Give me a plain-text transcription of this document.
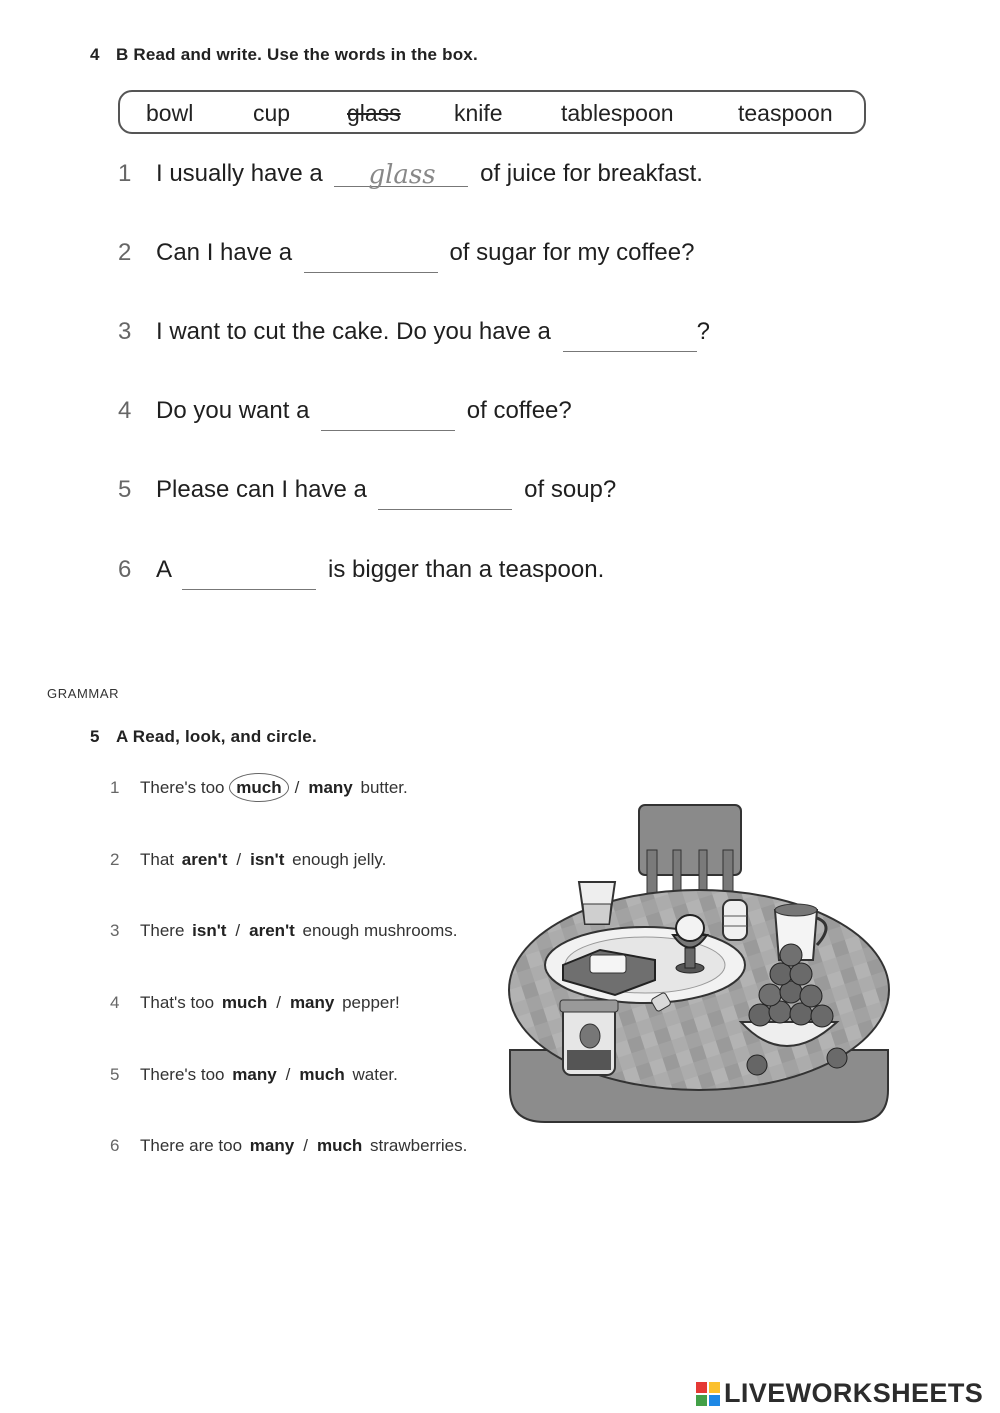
4 B Read and write. Use the words in the box.
bowl	cup glass knife	tablespoon	teaspoon
1 I usually have a glass of juice for breakfast.
2 Can I have a	of sugar for my coffee?
3 I want to cut the cake. Do you have a	?
4 Do you want a	of coffee?
5 Please can I have a	of soup?
6 A	is bigger than a teaspoon.
GRAMMAR
5 A Read, look, and circle.
1 There's too much / many butter.
2 That aren't / isn't enough jelly.
3 There isn't / aren't enough mushrooms.
4 That's too much / many pepper!
5 There's too many / much water.
6 There are too many / much strawberries.
LIVEWORKSHEETS
